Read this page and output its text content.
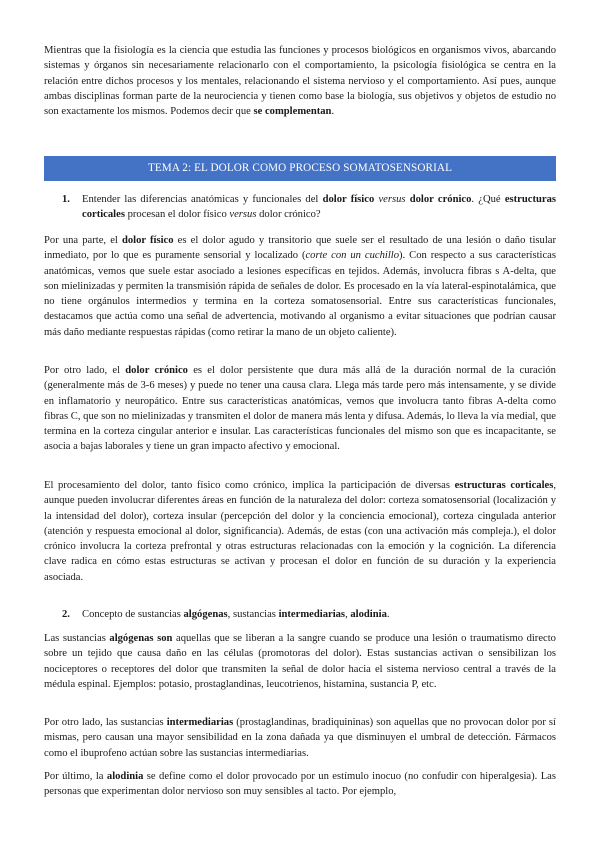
Mientras que la fisiología es la ciencia que estudia las funciones y procesos biológicos en organismos vivos, abarcando sistemas y órganos sin necesariamente relacionarlo con el comportamiento, la psicología fisiológica se centra en la relación entre dichos procesos y los mentales, relacionando el sistema nervioso y el comportamiento. Así pues, aunque ambas disciplinas forman parte de la neurociencia y tienen como base la biología, sus objetivos y objetos de estudio no son exactamente los mismos. Podemos decir que se complementan.

TEMA 2: EL DOLOR COMO PROCESO SOMATOSENSORIAL
1.	Entender las diferencias anatómicas y funcionales del dolor físico versus dolor crónico. ¿Qué estructuras corticales procesan el dolor físico versus dolor crónico?

Por una parte, el dolor físico es el dolor agudo y transitorio que suele ser el resultado de una lesión o daño tisular inmediato, por lo que es puramente sensorial y localizado (corte con un cuchillo). Con respecto a sus características anatómicas, vemos que suele estar asociado a lesiones específicas en tejidos. Además, involucra fibras s A-delta, que son mielinizadas y permiten la transmisión rápida de señales de dolor. Es procesado en la vía lateral-espinotalámica, que no tiene orgánulos intermedios y termina en la corteza somatosensorial. Entre sus características funcionales, destacamos que actúa como una señal de advertencia, motivando al organismo a evitar situaciones que podrían causar más daño mediante respuestas rápidas (como retirar la mano de un objeto caliente).

Por otro lado, el dolor crónico es el dolor persistente que dura más allá de la duración normal de la curación (generalmente más de 3-6 meses) y puede no tener una causa clara. Llega más tarde pero más intensamente, y se divide en inflamatorio y neuropático. Entre sus características anatómicas, vemos que involucra tanto fibras A-delta como fibras C, que son no mielinizadas y transmiten el dolor de manera más lenta y difusa. Además, lo lleva la vía medial, que termina en la corteza cingular anterior e insular. Las características funcionales del mismo son que es incapacitante, se asocia a bajas laborales y tiene un gran impacto afectivo y emocional.

El procesamiento del dolor, tanto físico como crónico, implica la participación de diversas estructuras corticales, aunque pueden involucrar diferentes áreas en función de la naturaleza del dolor: corteza somatosensorial (localización y la intensidad del dolor), corteza insular (percepción del dolor y la conciencia emocional), corteza cingulada anterior (atención y respuesta emocional al dolor, significancia). Además, de estas (con una activación más compleja.), el dolor crónico involucra la corteza prefrontal y otras estructuras relacionadas con la emoción y la cognición. La diferencia clave radica en cómo estas estructuras se activan y procesan el dolor en función de su duración y la experiencia asociada.

2.	Concepto de sustancias algógenas, sustancias intermediarias, alodinia.

Las sustancias algógenas son aquellas que se liberan a la sangre cuando se produce una lesión o traumatismo directo sobre un tejido que causa daño en las células (promotoras del dolor). Estas sustancias activan o sensibilizan los nociceptores o receptores del dolor que transmiten la señal de dolor hacia el sistema nervioso central a través de la médula espinal. Ejemplos: potasio, prostaglandinas, leucotrienos, histamina, sustancia P, etc.

Por otro lado, las sustancias intermediarias (prostaglandinas, bradiquininas) son aquellas que no provocan dolor por sí mismas, pero causan una mayor sensibilidad en la zona dañada ya que disminuyen el umbral de detección. Fármacos como el ibuprofeno actúan sobre las sustancias intermediarias.

Por último, la alodinia se define como el dolor provocado por un estímulo inocuo (no confudir con hiperalgesia). Las personas que experimentan dolor nervioso son muy sensibles al tacto. Por ejemplo,
